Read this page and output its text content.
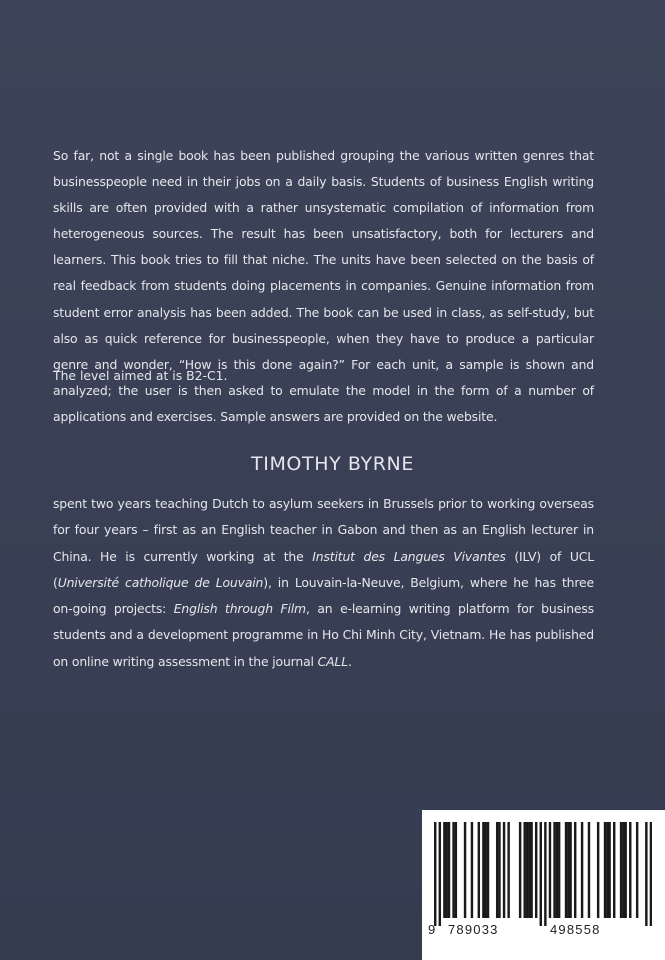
So far, not a single book has been published grouping the various written genres that businesspeople need in their jobs on a daily basis. Students of business English writing skills are often provided with a rather unsystematic compilation of information from heterogeneous sources. The result has been unsatisfactory, both for lecturers and learners. This book tries to fill that niche. The units have been selected on the basis of real feedback from students doing placements in companies. Genuine information from student error analysis has been added. The book can be used in class, as self-study, but also as quick reference for businesspeople, when they have to produce a particular genre and wonder, “How is this done again?” For each unit, a sample is shown and analyzed; the user is then asked to emulate the model in the form of a number of applications and exercises. Sample answers are provided on the website.

The level aimed at is B2-C1.

TIMOTHY BYRNE

spent two years teaching Dutch to asylum seekers in Brussels prior to working overseas for four years – first as an English teacher in Gabon and then as an English lecturer in China. He is currently working at the Institut des Langues Vivantes (ILV) of UCL (Université catholique de Louvain), in Louvain-la-Neuve, Belgium, where he has three on-going projects: English through Film, an e-learning writing platform for business students and a development programme in Ho Chi Minh City, Vietnam. He has published on online writing assessment in the journal CALL.

9 789033	498558
